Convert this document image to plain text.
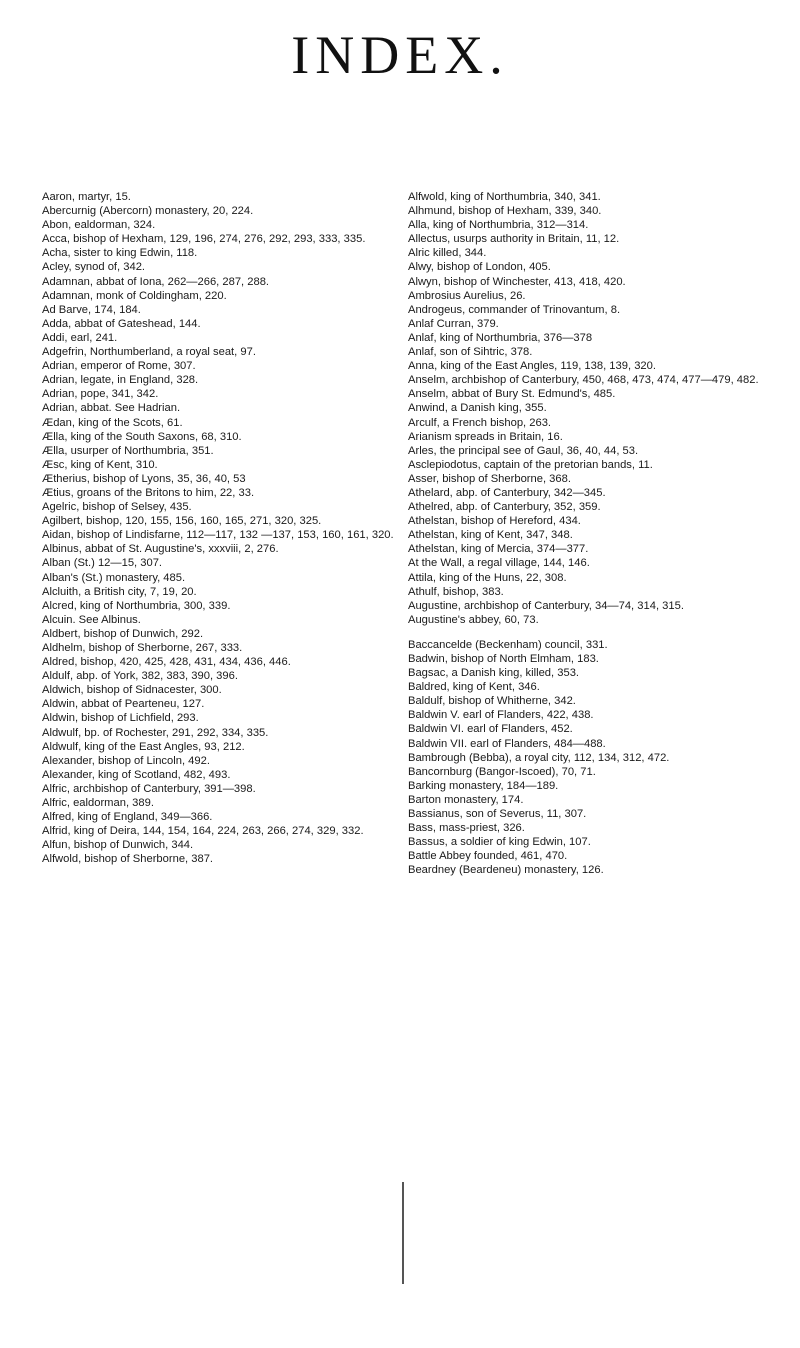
INDEX.

Aaron, martyr, 15.

Abercurnig (Abercorn) monastery, 20, 224.

Abon, ealdorman, 324.

Acca, bishop of Hexham, 129, 196, 274, 276, 292, 293, 333, 335.

Acha, sister to king Edwin, 118.

Acley, synod of, 342.

Adamnan, abbat of Iona, 262—266, 287, 288.

Adamnan, monk of Coldingham, 220.

Ad Barve, 174, 184.

Adda, abbat of Gateshead, 144.

Addi, earl, 241.

Adgefrin, Northumberland, a royal seat, 97.

Adrian, emperor of Rome, 307.

Adrian, legate, in England, 328.

Adrian, pope, 341, 342.

Adrian, abbat. See Hadrian.

Ædan, king of the Scots, 61.

Ælla, king of the South Saxons, 68, 310.

Ælla, usurper of Northumbria, 351.

Æsc, king of Kent, 310.

Ætherius, bishop of Lyons, 35, 36, 40, 53

Ætius, groans of the Britons to him, 22, 33.

Agelric, bishop of Selsey, 435.

Agilbert, bishop, 120, 155, 156, 160, 165, 271, 320, 325.

Aidan, bishop of Lindisfarne, 112—117, 132 —137, 153, 160, 161, 320.

Albinus, abbat of St. Augustine's, xxxviii, 2, 276.

Alban (St.) 12—15, 307.

Alban's (St.) monastery, 485.

Alcluith, a British city, 7, 19, 20.

Alcred, king of Northumbria, 300, 339.

Alcuin. See Albinus.

Aldbert, bishop of Dunwich, 292.

Aldhelm, bishop of Sherborne, 267, 333.

Aldred, bishop, 420, 425, 428, 431, 434, 436, 446.

Aldulf, abp. of York, 382, 383, 390, 396.

Aldwich, bishop of Sidnacester, 300.

Aldwin, abbat of Pearteneu, 127.

Aldwin, bishop of Lichfield, 293.

Aldwulf, bp. of Rochester, 291, 292, 334, 335.

Aldwulf, king of the East Angles, 93, 212.

Alexander, bishop of Lincoln, 492.

Alexander, king of Scotland, 482, 493.

Alfric, archbishop of Canterbury, 391—398.

Alfric, ealdorman, 389.

Alfred, king of England, 349—366.

Alfrid, king of Deira, 144, 154, 164, 224, 263, 266, 274, 329, 332.

Alfun, bishop of Dunwich, 344.

Alfwold, bishop of Sherborne, 387.

Alfwold, king of Northumbria, 340, 341.

Alhmund, bishop of Hexham, 339, 340.

Alla, king of Northumbria, 312—314.

Allectus, usurps authority in Britain, 11, 12.

Alric killed, 344.

Alwy, bishop of London, 405.

Alwyn, bishop of Winchester, 413, 418, 420.

Ambrosius Aurelius, 26.

Androgeus, commander of Trinovantum, 8.

Anlaf Curran, 379.

Anlaf, king of Northumbria, 376—378

Anlaf, son of Sihtric, 378.

Anna, king of the East Angles, 119, 138, 139, 320.

Anselm, archbishop of Canterbury, 450, 468, 473, 474, 477—479, 482.

Anselm, abbat of Bury St. Edmund's, 485.

Anwind, a Danish king, 355.

Arculf, a French bishop, 263.

Arianism spreads in Britain, 16.

Arles, the principal see of Gaul, 36, 40, 44, 53.

Asclepiodotus, captain of the pretorian bands, 11.

Asser, bishop of Sherborne, 368.

Athelard, abp. of Canterbury, 342—345.

Athelred, abp. of Canterbury, 352, 359.

Athelstan, bishop of Hereford, 434.

Athelstan, king of Kent, 347, 348.

Athelstan, king of Mercia, 374—377.

At the Wall, a regal village, 144, 146.

Attila, king of the Huns, 22, 308.

Athulf, bishop, 383.

Augustine, archbishop of Canterbury, 34—74, 314, 315.

Augustine's abbey, 60, 73.

Baccancelde (Beckenham) council, 331.

Badwin, bishop of North Elmham, 183.

Bagsac, a Danish king, killed, 353.

Baldred, king of Kent, 346.

Baldulf, bishop of Whitherne, 342.

Baldwin V. earl of Flanders, 422, 438.

Baldwin VI. earl of Flanders, 452.

Baldwin VII. earl of Flanders, 484—488.

Bambrough (Bebba), a royal city, 112, 134, 312, 472.

Bancornburg (Bangor-Iscoed), 70, 71.

Barking monastery, 184—189.

Barton monastery, 174.

Bassianus, son of Severus, 11, 307.

Bass, mass-priest, 326.

Bassus, a soldier of king Edwin, 107.

Battle Abbey founded, 461, 470.

Beardney (Beardeneu) monastery, 126.
